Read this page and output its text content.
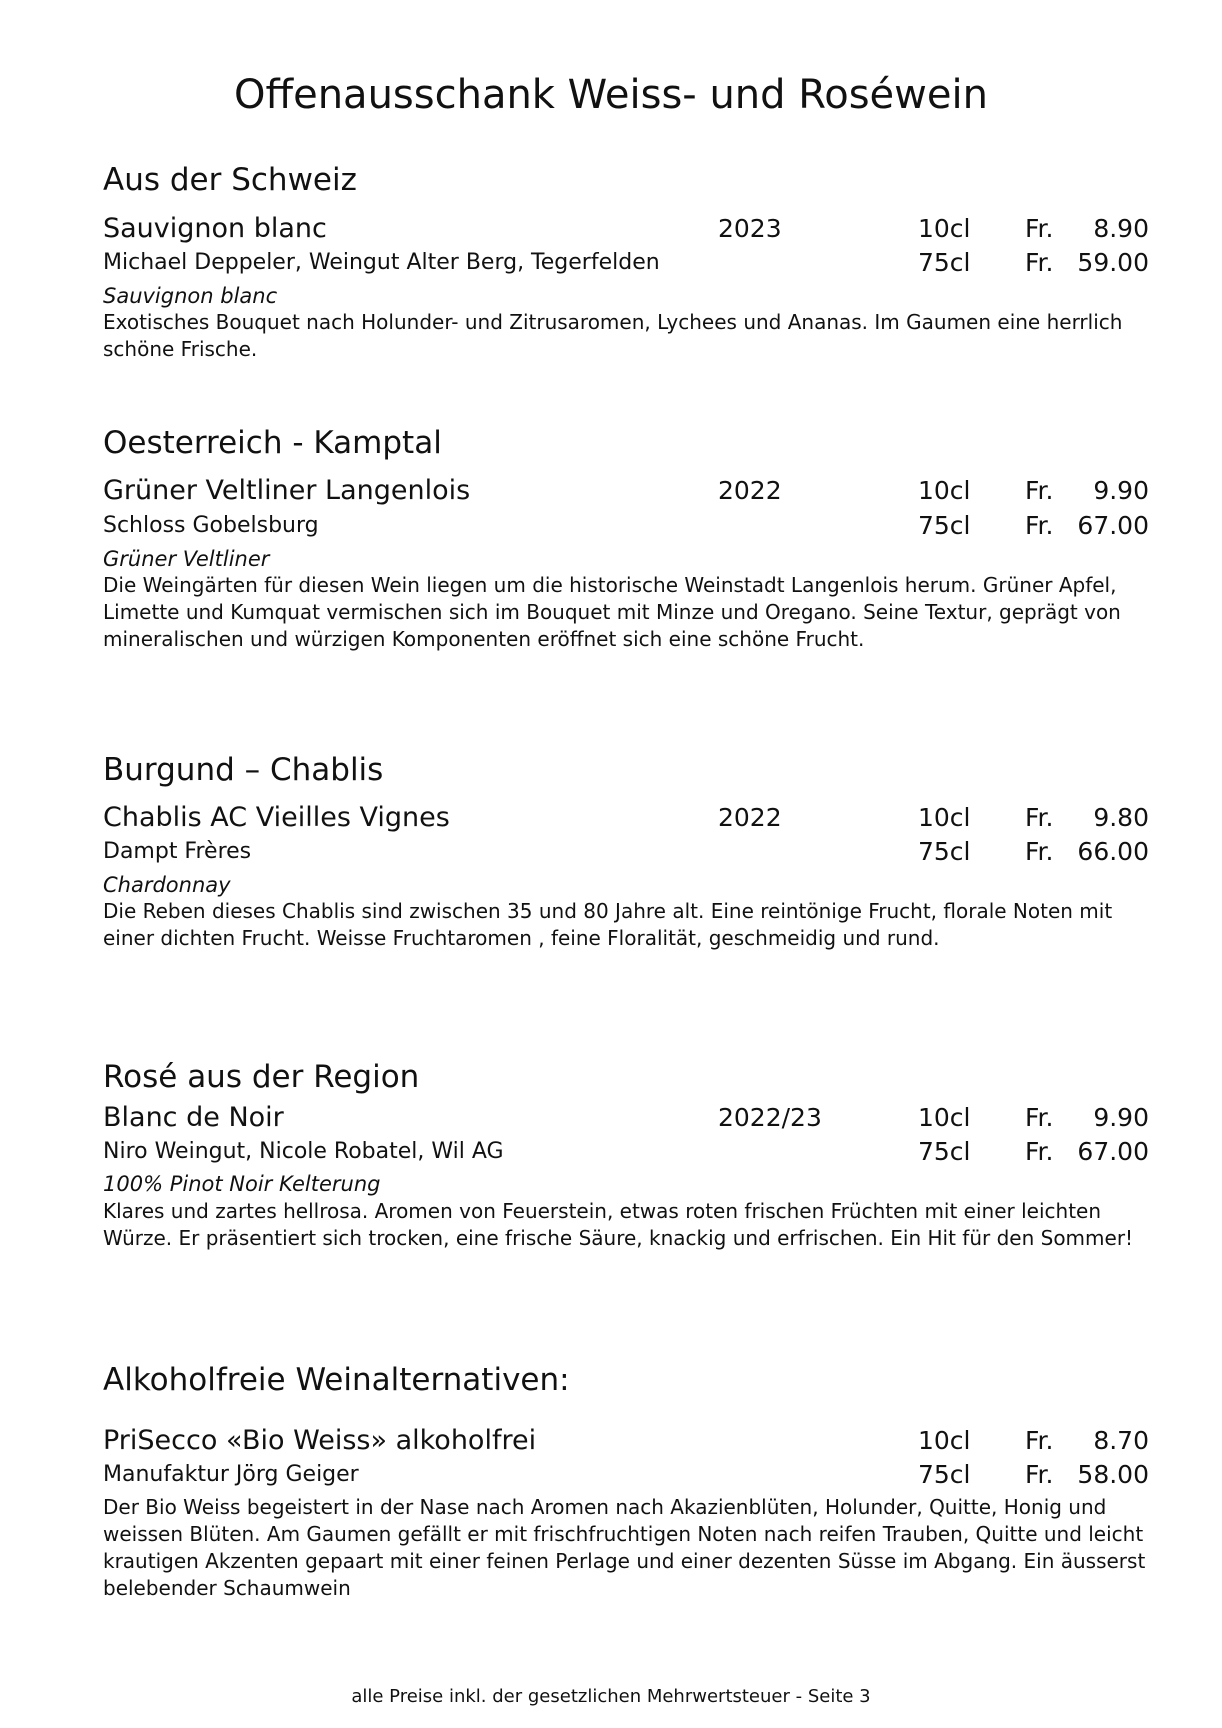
Offenausschank Weiss- und Roséwein
Aus der Schweiz
Sauvignon blanc	2023	10cl Fr. 8.90
Michael Deppeler, Weingut Alter Berg, Tegerfelden	75cl Fr. 59.00
Sauvignon blanc
Exotisches Bouquet nach Holunder- und Zitrusaromen, Lychees und Ananas. Im Gaumen eine herrlich schöne Frische.
Oesterreich - Kamptal
Grüner Veltliner Langenlois	2022	10cl Fr. 9.90
Schloss Gobelsburg	75cl Fr. 67.00
Grüner Veltliner
Die Weingärten für diesen Wein liegen um die historische Weinstadt Langenlois herum. Grüner Apfel, Limette und Kumquat vermischen sich im Bouquet mit Minze und Oregano. Seine Textur, geprägt von mineralischen und würzigen Komponenten eröffnet sich eine schöne Frucht.
Burgund – Chablis
Chablis AC Vieilles Vignes	2022	10cl Fr. 9.80
Dampt Frères	75cl Fr. 66.00
Chardonnay
Die Reben dieses Chablis sind zwischen 35 und 80 Jahre alt. Eine reintönige Frucht, florale Noten mit einer dichten Frucht. Weisse Fruchtaromen , feine Floralität, geschmeidig und rund.
Rosé aus der Region
Blanc de Noir	2022/23	10cl Fr. 9.90
Niro Weingut, Nicole Robatel, Wil AG	75cl Fr. 67.00
100% Pinot Noir Kelterung
Klares und zartes hellrosa. Aromen von Feuerstein, etwas roten frischen Früchten mit einer leichten Würze. Er präsentiert sich trocken, eine frische Säure, knackig und erfrischen. Ein Hit für den Sommer!
Alkoholfreie Weinalternativen:
PriSecco «Bio Weiss» alkoholfrei	10cl Fr. 8.70
Manufaktur Jörg Geiger	75cl Fr. 58.00
Der Bio Weiss begeistert in der Nase nach Aromen nach Akazienblüten, Holunder, Quitte, Honig und weissen Blüten. Am Gaumen gefällt er mit frischfruchtigen Noten nach reifen Trauben, Quitte und leicht krautigen Akzenten gepaart mit einer feinen Perlage und einer dezenten Süsse im Abgang. Ein äusserst belebender Schaumwein
alle Preise inkl. der gesetzlichen Mehrwertsteuer - Seite 3
